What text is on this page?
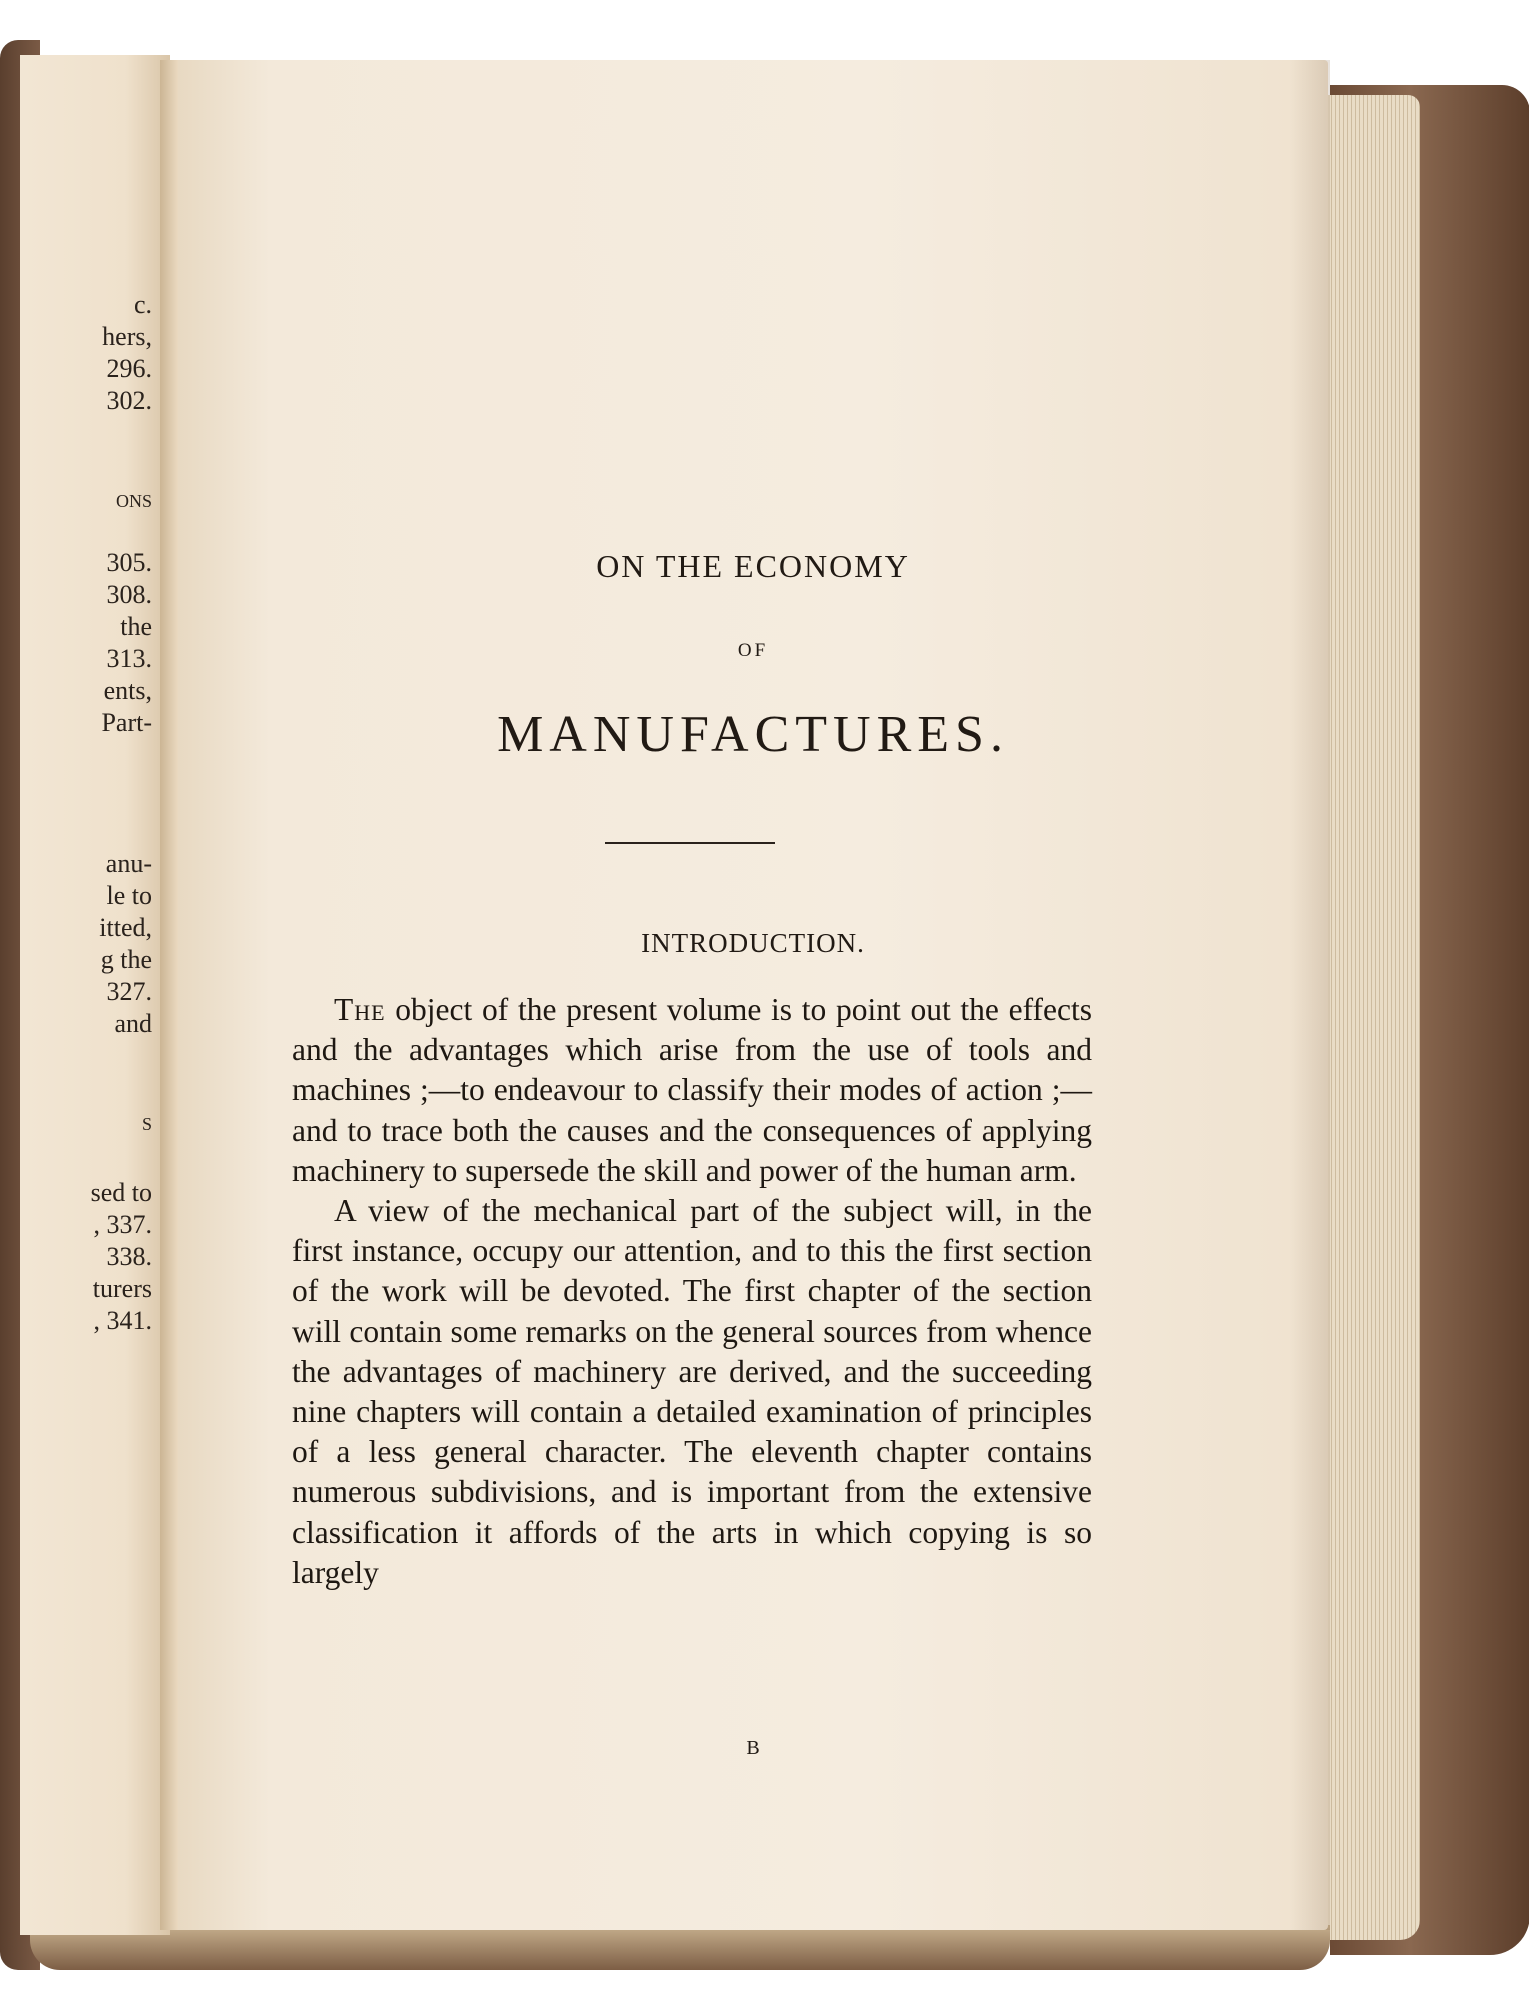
c.
hers,
296.
302.
ONS
305.
308.
the
313.
ents,
Part-
anu-
le to
itted,
g the
327.
and
S
sed to
, 337.
338.
turers
, 341.
ON THE ECONOMY
OF
MANUFACTURES.
INTRODUCTION.

The object of the present volume is to point out the effects and the advantages which arise from the use of tools and machines ;—to endeavour to classify their modes of action ;—and to trace both the causes and the consequences of applying machinery to supersede the skill and power of the human arm.

A view of the mechanical part of the subject will, in the first instance, occupy our attention, and to this the first section of the work will be devoted. The first chapter of the section will contain some remarks on the general sources from whence the advantages of machinery are derived, and the succeeding nine chapters will contain a detailed examination of principles of a less general character. The eleventh chapter contains numerous subdivisions, and is important from the extensive classification it affords of the arts in which copying is so largely

B
